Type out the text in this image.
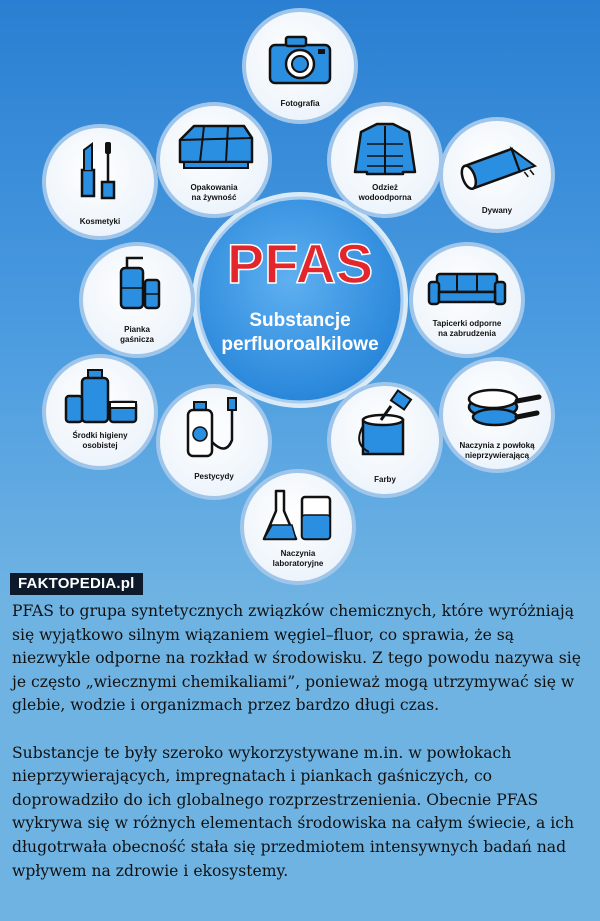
PFAS
Substancje
perfluoroalkilowe
Fotografia
Odzież
wodoodporna
Dywany
Tapicerki odporne
na zabrudzenia
Naczynia z powłoką
nieprzywierającą
Farby
Naczynia
laboratoryjne
Pestycydy
Środki higieny
osobistej
Pianka
gaśnicza
Kosmetyki
Opakowania
na żywność
FAKTOPEDIA.pl

PFAS to grupa syntetycznych związków chemicznych, które wyróżniają się wyjątkowo silnym wiązaniem węgiel–fluor, co sprawia, że są niezwykle odporne na rozkład w środowisku. Z tego powodu nazywa się je często „wiecznymi chemikaliami”, ponieważ mogą utrzymywać się w glebie, wodzie i organizmach przez bardzo długi czas.

Substancje te były szeroko wykorzystywane m.in. w powłokach nieprzywierających, impregnatach i piankach gaśniczych, co doprowadziło do ich globalnego rozprzestrzenienia. Obecnie PFAS wykrywa się w różnych elementach środowiska na całym świecie, a ich długotrwała obecność stała się przedmiotem intensywnych badań nad wpływem na zdrowie i ekosystemy.
